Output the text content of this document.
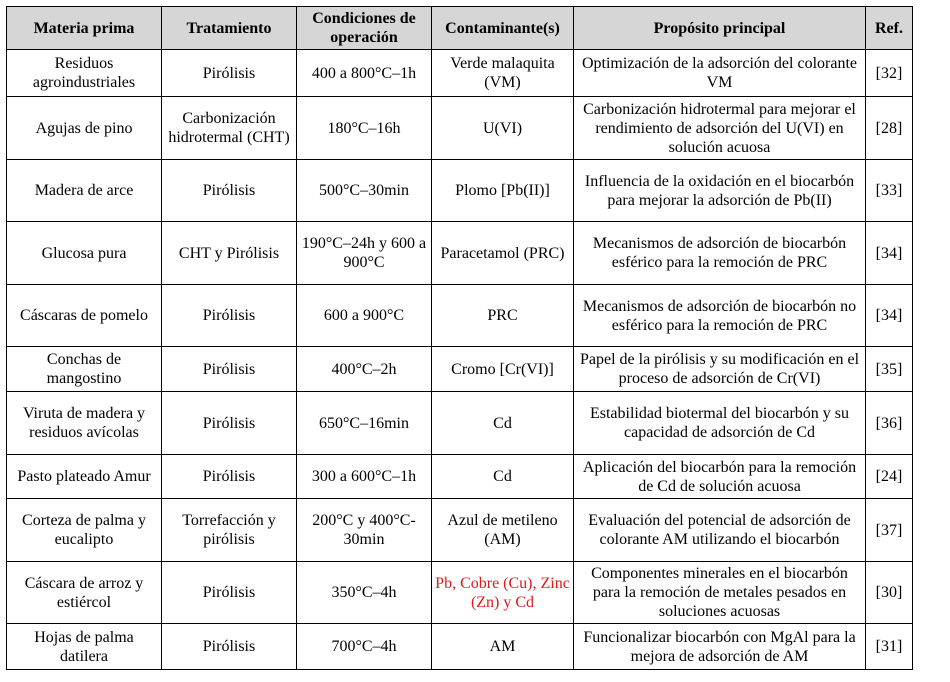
Materia prima	Tratamiento	Condiciones de operación	Contaminante(s)	Propósito principal	Ref.
Residuos agroindustriales	Pirólisis	400 a 800°C–1h	Verde malaquita (VM)	Optimización de la adsorción del colorante VM	[32]
Agujas de pino	Carbonización hidrotermal (CHT)	180°C–16h	U(VI)	Carbonización hidrotermal para mejorar el rendimiento de adsorción del U(VI) en solución acuosa	[28]
Madera de arce	Pirólisis	500°C–30min	Plomo [Pb(II)]	Influencia de la oxidación en el biocarbón para mejorar la adsorción de Pb(II)	[33]
Glucosa pura	CHT y Pirólisis	190°C–24h y 600 a 900°C	Paracetamol (PRC)	Mecanismos de adsorción de biocarbón esférico para la remoción de PRC	[34]
Cáscaras de pomelo	Pirólisis	600 a 900°C	PRC	Mecanismos de adsorción de biocarbón no esférico para la remoción de PRC	[34]
Conchas de mangostino	Pirólisis	400°C–2h	Cromo [Cr(VI)]	Papel de la pirólisis y su modificación en el proceso de adsorción de Cr(VI)	[35]
Viruta de madera y residuos avícolas	Pirólisis	650°C–16min	Cd	Estabilidad biotermal del biocarbón y su capacidad de adsorción de Cd	[36]
Pasto plateado Amur	Pirólisis	300 a 600°C–1h	Cd	Aplicación del biocarbón para la remoción de Cd de solución acuosa	[24]
Corteza de palma y eucalipto	Torrefacción y pirólisis	200°C y 400°C-30min	Azul de metileno (AM)	Evaluación del potencial de adsorción de colorante AM utilizando el biocarbón	[37]
Cáscara de arroz y estiércol	Pirólisis	350°C–4h	Pb, Cobre (Cu), Zinc (Zn) y Cd	Componentes minerales en el biocarbón para la remoción de metales pesados en soluciones acuosas	[30]
Hojas de palma datilera	Pirólisis	700°C–4h	AM	Funcionalizar biocarbón con MgAl para la mejora de adsorción de AM	[31]
